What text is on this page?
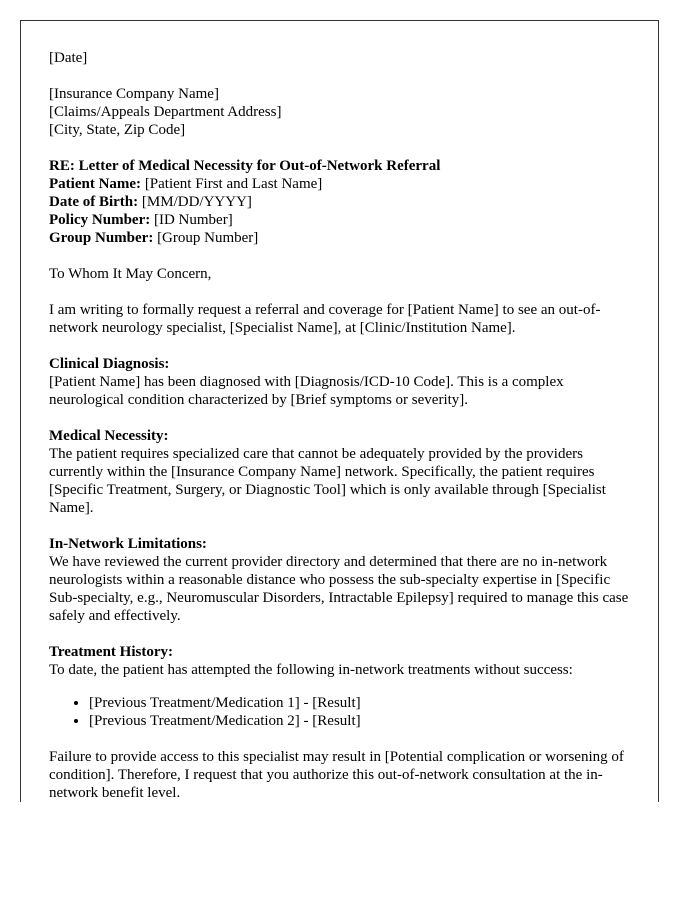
[Date]

[Insurance Company Name]
[Claims/Appeals Department Address]
[City, State, Zip Code]

RE: Letter of Medical Necessity for Out-of-Network Referral
Patient Name: [Patient First and Last Name]
Date of Birth: [MM/DD/YYYY]
Policy Number: [ID Number]
Group Number: [Group Number]

To Whom It May Concern,

I am writing to formally request a referral and coverage for [Patient Name] to see an out-of-network neurology specialist, [Specialist Name], at [Clinic/Institution Name].

Clinical Diagnosis:
[Patient Name] has been diagnosed with [Diagnosis/ICD-10 Code]. This is a complex neurological condition characterized by [Brief symptoms or severity].

Medical Necessity:
The patient requires specialized care that cannot be adequately provided by the providers currently within the [Insurance Company Name] network. Specifically, the patient requires [Specific Treatment, Surgery, or Diagnostic Tool] which is only available through [Specialist Name].

In-Network Limitations:
We have reviewed the current provider directory and determined that there are no in-network neurologists within a reasonable distance who possess the sub-specialty expertise in [Specific Sub-specialty, e.g., Neuromuscular Disorders, Intractable Epilepsy] required to manage this case safely and effectively.

Treatment History:
To date, the patient has attempted the following in-network treatments without success:

• [Previous Treatment/Medication 1] - [Result]
• [Previous Treatment/Medication 2] - [Result]

Failure to provide access to this specialist may result in [Potential complication or worsening of condition]. Therefore, I request that you authorize this out-of-network consultation at the in-network benefit level.
